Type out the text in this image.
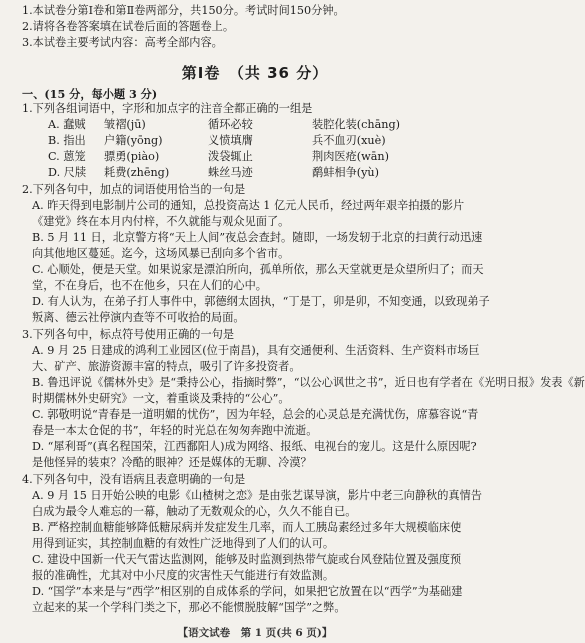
1.本试卷分第Ⅰ卷和第Ⅱ卷两部分，共150分。考试时间150分钟。
2.请将各卷答案填在试卷后面的答题卷上。
3.本试卷主要考试内容：高考全部内容。
第Ⅰ卷　（共 36 分）
一、(15 分，每小题 3 分)
1.下列各组词语中，字形和加点字的注音全都正确的一组是
A. 蠢贼 皱褶(jū)	循环必较	装腔化装(chāng)
B. 指出 户籍(yōng)	义愤填膺	兵不血刃(xuè)
C. 蒽笼 骠勇(piào)	泼袋辄止	荆肉医疮(wān)
D. 尺牍 耗费(zhēng)	蛛丝马迹	鹬蚌相争(yù)
2.下列各句中，加点的词语使用恰当的一句是
A. 昨天得到电影制片公司的通知，总投资高达 1 亿元人民币，经过两年艰辛拍摄的影片
《建党》终在本月内付梓，不久就能与观众见面了。
B. 5 月 11 日，北京警方将“天上人间”夜总会查封。随即，一场发轫于北京的扫黄行动迅速
向其他地区蔓延。迄今，这场风暴已刮向多个省市。
C. 心顺处，便是天堂。如果说家是漂泊所向，孤单所依，那么天堂就更是众望所归了；而天
堂，不在身后，也不在他乡，只在人们的心中。
D. 有人认为，在弟子打人事件中，郭德纲太固执，“丁是丁，卯是卯，不知变通，以致现弟子
叛离、德云社停演内查等不可收拾的局面。
3.下列各句中，标点符号使用正确的一句是
A. 9 月 25 日建成的鸿利工业园区(位于南昌)，具有交通便利、生活资料、生产资料市场巨
大、矿产、旅游资源丰富的特点，吸引了许多投资者。
B. 鲁迅评说《儒林外史》是“秉持公心，指摘时弊”，“以公心讽世之书”，近日也有学者在《光明日报》发表《新
时期儒林外史研究》一文，着重谈及秉持的“公心”。
C. 郭敬明说“青春是一道明媚的忧伤”，因为年轻，总会的心灵总是充满忧伤，席慕容说“青
春是一本太仓促的书”，年轻的时光总在匆匆奔跑中流逝。
D. “犀利哥”(真名程国荣，江西鄱阳人)成为网络、报纸、电视台的宠儿。这是什么原因呢?
是他怪异的装束？冷酷的眼神？还是媒体的无聊、冷漠？
4.下列各句中，没有语病且表意明确的一句是
A. 9 月 15 日开始公映的电影《山楂树之恋》是由张艺谋导演，影片中老三向静秋的真情告
白成为最令人难忘的一幕，触动了无数观众的心，久久不能自已。
B. 严格控制血糖能够降低糖尿病并发症发生几率，而人工胰岛素经过多年大规模临床使
用得到证实，其控制血糖的有效性广泛地得到了人们的认可。
C. 建设中国新一代天气雷达监测网，能够及时监测到热带气旋或台风登陆位置及强度预
报的准确性，尤其对中小尺度的灾害性天气能进行有效监测。
D. “国学”本来是与“西学”相区别的自成体系的学问，如果把它放置在以“西学”为基础建
立起来的某一个学科门类之下，那必不能惯脱肢解“国学”之弊。
【语文试卷　第 1 页(共 6 页)】
